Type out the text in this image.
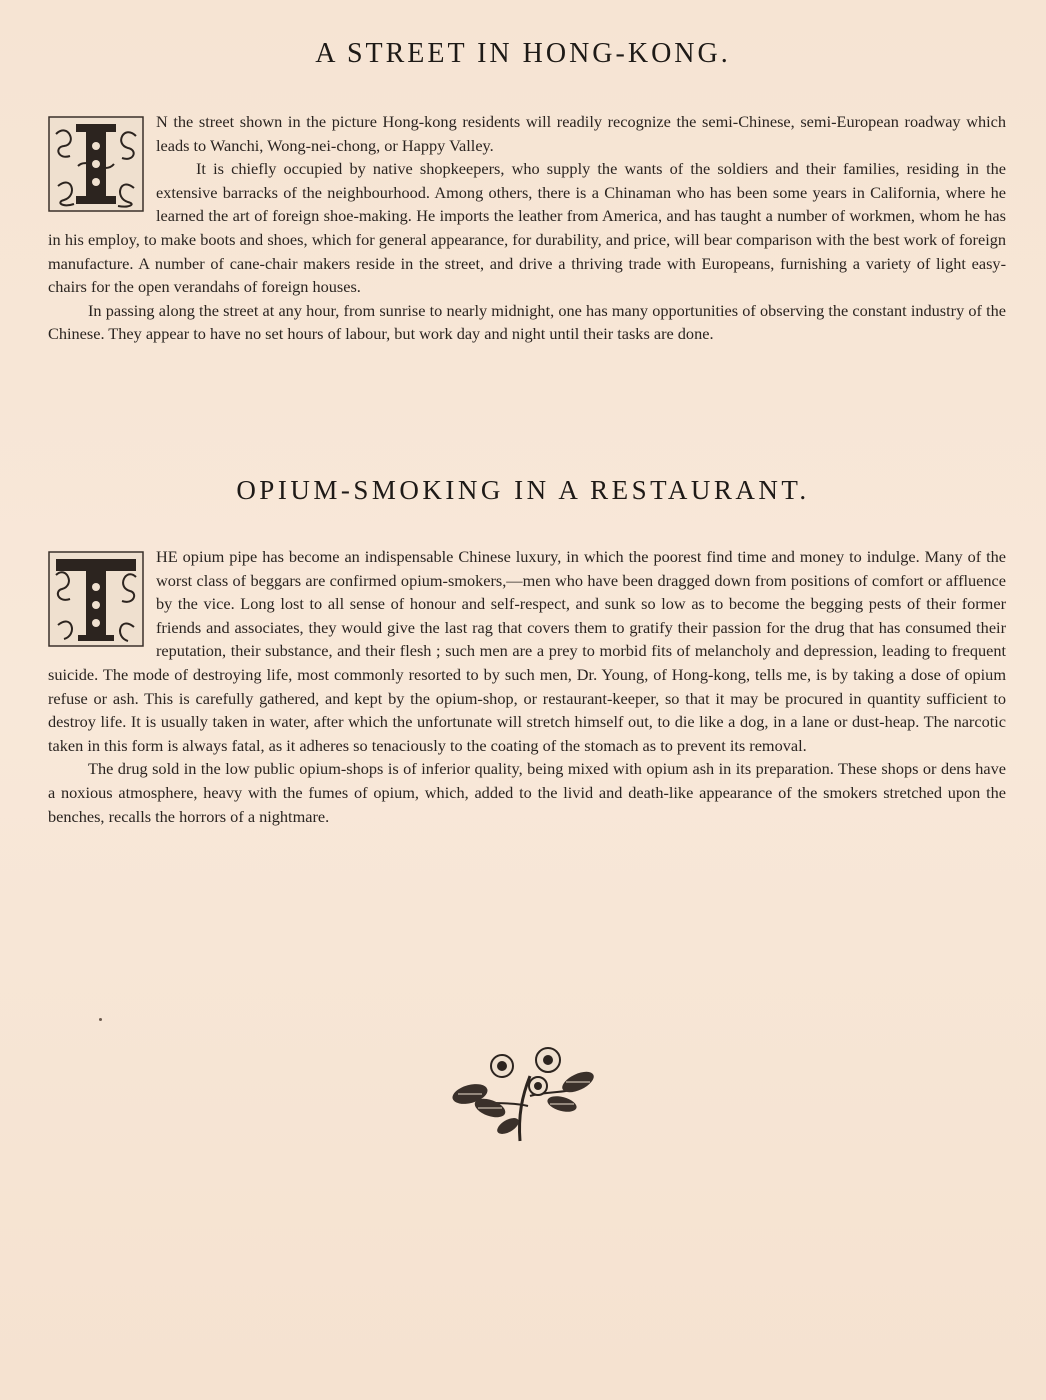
A STREET IN HONG-KONG.

N the street shown in the picture Hong-kong residents will readily recognize the semi-Chinese, semi-European roadway which leads to Wanchi, Wong-nei-chong, or Happy Valley.

It is chiefly occupied by native shopkeepers, who supply the wants of the soldiers and their families, residing in the extensive barracks of the neighbourhood. Among others, there is a Chinaman who has been some years in California, where he learned the art of foreign shoe-making. He imports the leather from America, and has taught a number of workmen, whom he has in his employ, to make boots and shoes, which for general appearance, for durability, and price, will bear comparison with the best work of foreign manufacture. A number of cane-chair makers reside in the street, and drive a thriving trade with Europeans, furnishing a variety of light easy-chairs for the open verandahs of foreign houses.

In passing along the street at any hour, from sunrise to nearly midnight, one has many opportunities of observing the constant industry of the Chinese. They appear to have no set hours of labour, but work day and night until their tasks are done.

OPIUM-SMOKING IN A RESTAURANT.

HE opium pipe has become an indispensable Chinese luxury, in which the poorest find time and money to indulge. Many of the worst class of beggars are confirmed opium-smokers,—men who have been dragged down from positions of comfort or affluence by the vice. Long lost to all sense of honour and self-respect, and sunk so low as to become the begging pests of their former friends and associates, they would give the last rag that covers them to gratify their passion for the drug that has consumed their reputation, their substance, and their flesh ; such men are a prey to morbid fits of melancholy and depression, leading to frequent suicide. The mode of destroying life, most commonly resorted to by such men, Dr. Young, of Hong-kong, tells me, is by taking a dose of opium refuse or ash. This is carefully gathered, and kept by the opium-shop, or restaurant-keeper, so that it may be procured in quantity sufficient to destroy life. It is usually taken in water, after which the unfortunate will stretch himself out, to die like a dog, in a lane or dust-heap. The narcotic taken in this form is always fatal, as it adheres so tenaciously to the coating of the stomach as to prevent its removal.

The drug sold in the low public opium-shops is of inferior quality, being mixed with opium ash in its preparation. These shops or dens have a noxious atmosphere, heavy with the fumes of opium, which, added to the livid and death-like appearance of the smokers stretched upon the benches, recalls the horrors of a nightmare.
